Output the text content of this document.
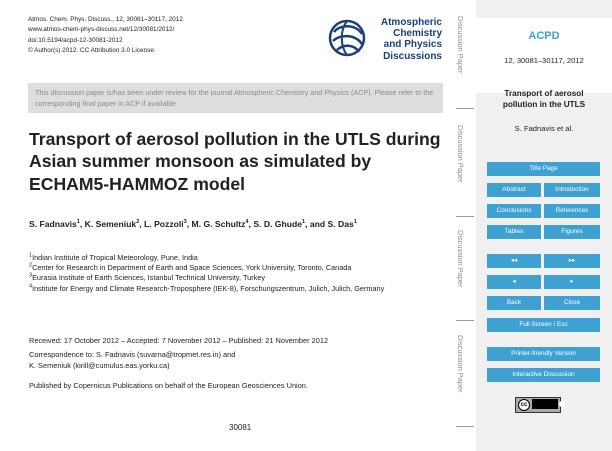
Atmos. Chem. Phys. Discuss., 12, 30081–30117, 2012
www.atmos-chem-phys-discuss.net/12/30081/2012/
doi:10.5194/acpd-12-30081-2012
© Author(s) 2012. CC Attribution 3.0 License.
Atmospheric
Chemistry
and Physics
Discussions
This discussion paper is/has been under review for the journal Atmospheric Chemistry and Physics (ACP). Please refer to the corresponding final paper in ACP if available.
Transport of aerosol pollution in the UTLS during Asian summer monsoon as simulated by ECHAM5-HAMMOZ model
S. Fadnavis$^1$, K. Semeniuk$^2$, L. Pozzoli$^3$, M. G. Schultz$^4$, S. D. Ghude$^1$, and S. Das$^1$
$^1$Indian Institute of Tropical Meteorology, Pune, India
$^2$Center for Research in Department of Earth and Space Sciences, York University, Toronto, Canada
$^3$Eurasia Institute of Earth Sciences, Istanbul Technical University, Turkey
$^4$Institute for Energy and Climate Research-Troposphere (IEK-8), Forschungszentrum, Julich, Julich, Germany
Received: 17 October 2012 – Accepted: 7 November 2012 – Published: 21 November 2012
Correspondence to: S. Fadnavis (suvarna@tropmet.res.in) and
K. Semeniuk (kirill@cumulus.eas.yorku.ca)
Published by Copernicus Publications on behalf of the European Geosciences Union.
30081
Discussion Paper
Discussion Paper
Discussion Paper
Discussion Paper
ACPD
12, 30081–30117, 2012
Transport of aerosol
pollution in the UTLS
S. Fadnavis et al.
Title Page
Abstract	Introduction
Conclusions	References
Tables	Figures
◂◂	▸▸
◂	▸
Back	Close
Full Screen / Esc
Printer-friendly Version
Interactive Discussion
cc
